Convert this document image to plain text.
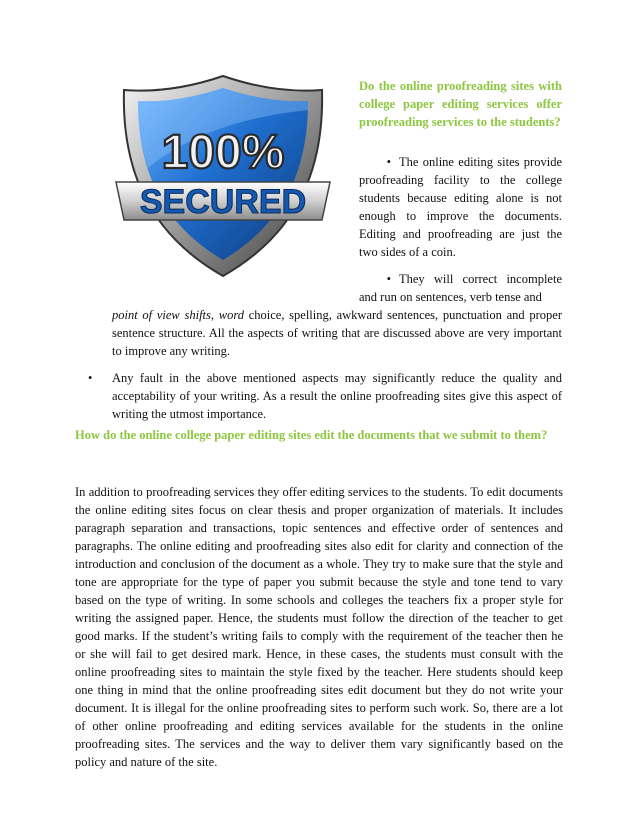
100%
SECURED
Do the online proofreading sites with college paper editing services offer proofreading services to the students?
• The online editing sites provide proofreading facility to the college students because editing alone is not enough to improve the documents. Editing and proofreading are just the two sides of a coin.
• They will correct incomplete and run on sentences, verb tense and
point of view shifts, word choice, spelling, awkward sentences, punctuation and proper sentence structure. All the aspects of writing that are discussed above are very important to improve any writing.
•	Any fault in the above mentioned aspects may significantly reduce the quality and acceptability of your writing. As a result the online proofreading sites give this aspect of writing the utmost importance.
How do the online college paper editing sites edit the documents that we submit to them?
In addition to proofreading services they offer editing services to the students. To edit documents the online editing sites focus on clear thesis and proper organization of materials. It includes paragraph separation and transactions, topic sentences and effective order of sentences and paragraphs. The online editing and proofreading sites also edit for clarity and connection of the introduction and conclusion of the document as a whole. They try to make sure that the style and tone are appropriate for the type of paper you submit because the style and tone tend to vary based on the type of writing. In some schools and colleges the teachers fix a proper style for writing the assigned paper. Hence, the students must follow the direction of the teacher to get good marks. If the student’s writing fails to comply with the requirement of the teacher then he or she will fail to get desired mark. Hence, in these cases, the students must consult with the online proofreading sites to maintain the style fixed by the teacher. Here students should keep one thing in mind that the online proofreading sites edit document but they do not write your document. It is illegal for the online proofreading sites to perform such work. So, there are a lot of other online proofreading and editing services available for the students in the online proofreading sites. The services and the way to deliver them vary significantly based on the policy and nature of the site.
